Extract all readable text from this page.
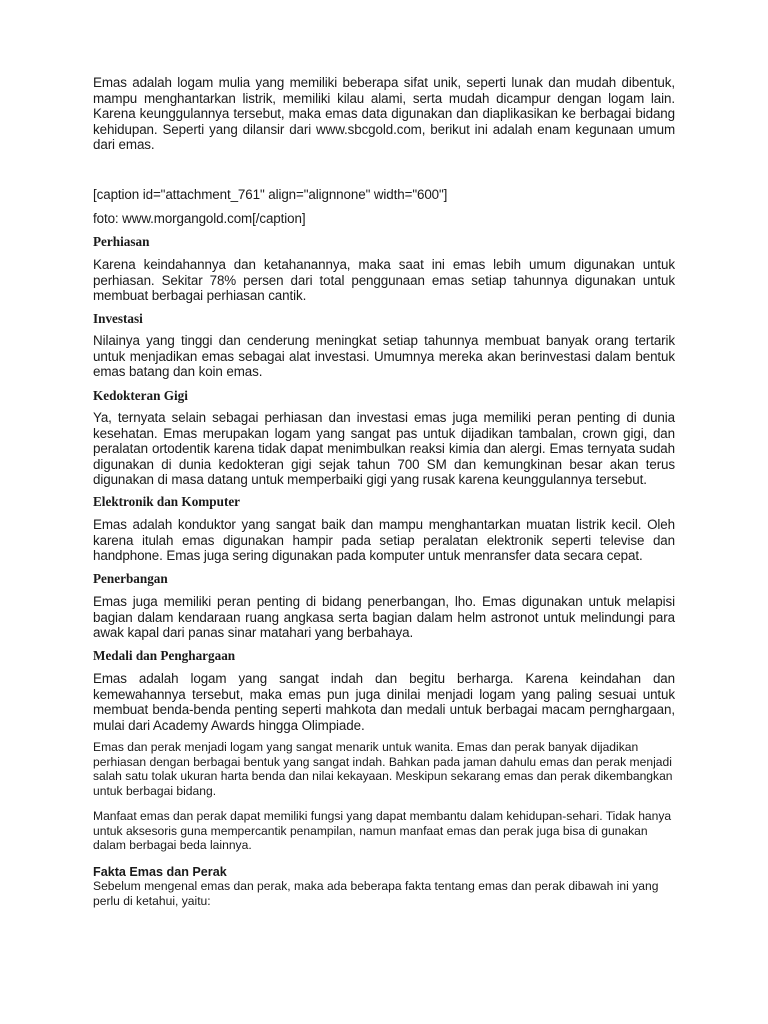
Emas adalah logam mulia yang memiliki beberapa sifat unik, seperti lunak dan mudah dibentuk, mampu menghantarkan listrik, memiliki kilau alami, serta mudah dicampur dengan logam lain. Karena keunggulannya tersebut, maka emas data digunakan dan diaplikasikan ke berbagai bidang kehidupan. Seperti yang dilansir dari www.sbcgold.com, berikut ini adalah enam kegunaan umum dari emas.

[caption id="attachment_761" align="alignnone" width="600"]

foto: www.morgangold.com[/caption]

Perhiasan

Karena keindahannya dan ketahanannya, maka saat ini emas lebih umum digunakan untuk perhiasan. Sekitar 78% persen dari total penggunaan emas setiap tahunnya digunakan untuk membuat berbagai perhiasan cantik.

Investasi

Nilainya yang tinggi dan cenderung meningkat setiap tahunnya membuat banyak orang tertarik untuk menjadikan emas sebagai alat investasi. Umumnya mereka akan berinvestasi dalam bentuk emas batang dan koin emas.

Kedokteran Gigi

Ya, ternyata selain sebagai perhiasan dan investasi emas juga memiliki peran penting di dunia kesehatan. Emas merupakan logam yang sangat pas untuk dijadikan tambalan, crown gigi, dan peralatan ortodentik karena tidak dapat menimbulkan reaksi kimia dan alergi. Emas ternyata sudah digunakan di dunia kedokteran gigi sejak tahun 700 SM dan kemungkinan besar akan terus digunakan di masa datang untuk memperbaiki gigi yang rusak karena keunggulannya tersebut.

Elektronik dan Komputer

Emas adalah konduktor yang sangat baik dan mampu menghantarkan muatan listrik kecil. Oleh karena itulah emas digunakan hampir pada setiap peralatan elektronik seperti televise dan handphone. Emas juga sering digunakan pada komputer untuk menransfer data secara cepat.

Penerbangan

Emas juga memiliki peran penting di bidang penerbangan, lho. Emas digunakan untuk melapisi bagian dalam kendaraan ruang angkasa serta bagian dalam helm astronot untuk melindungi para awak kapal dari panas sinar matahari yang berbahaya.

Medali dan Penghargaan

Emas adalah logam yang sangat indah dan begitu berharga. Karena keindahan dan kemewahannya tersebut, maka emas pun juga dinilai menjadi logam yang paling sesuai untuk membuat benda-benda penting seperti mahkota dan medali untuk berbagai macam pernghargaan, mulai dari Academy Awards hingga Olimpiade.

Emas dan perak menjadi logam yang sangat menarik untuk wanita. Emas dan perak banyak dijadikan perhiasan dengan berbagai bentuk yang sangat indah. Bahkan pada jaman dahulu emas dan perak menjadi salah satu tolak ukuran harta benda dan nilai kekayaan. Meskipun sekarang emas dan perak dikembangkan untuk berbagai bidang.

Manfaat emas dan perak dapat memiliki fungsi yang dapat membantu dalam kehidupan-sehari. Tidak hanya untuk aksesoris guna mempercantik penampilan, namun manfaat emas dan perak juga bisa di gunakan dalam berbagai beda lainnya.

Fakta Emas dan Perak

Sebelum mengenal emas dan perak, maka ada beberapa fakta tentang emas dan perak dibawah ini yang perlu di ketahui, yaitu:
